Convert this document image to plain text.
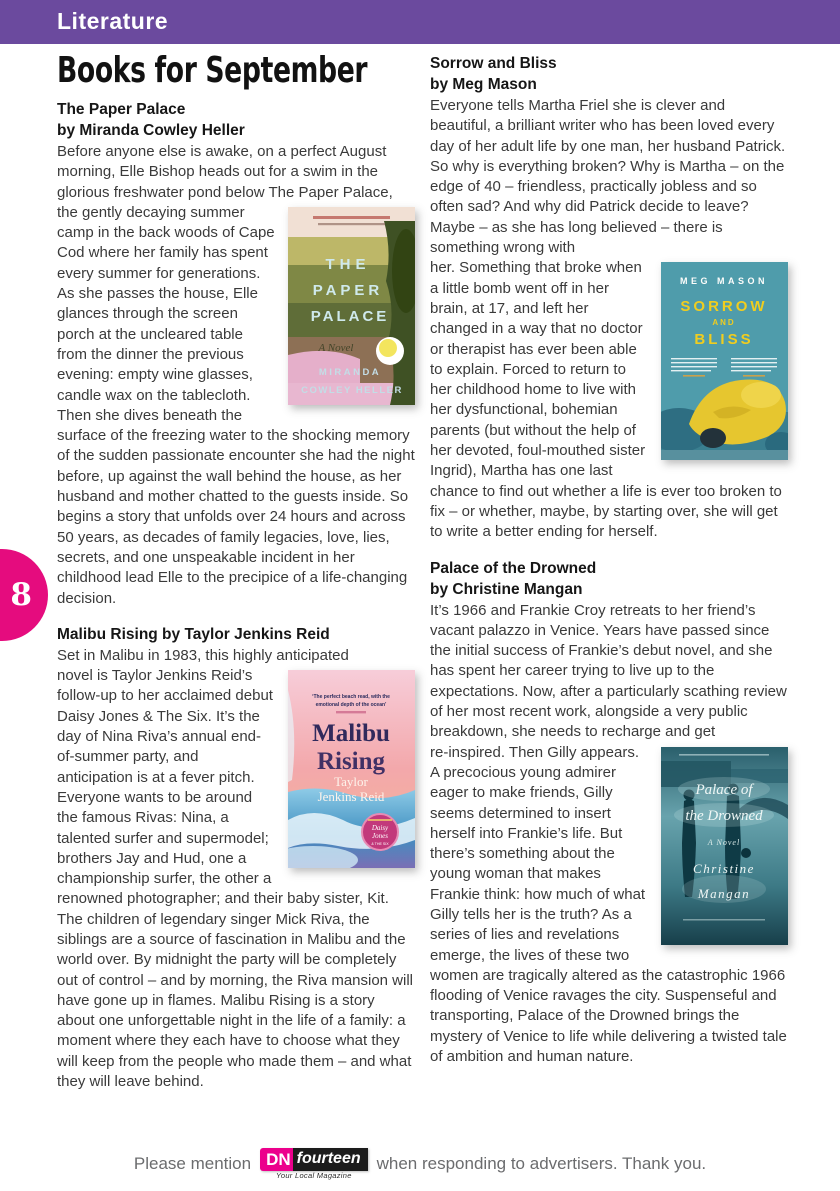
Literature
Books for September
The Paper Palace
by Miranda Cowley Heller

Before anyone else is awake, on a perfect August morning, Elle Bishop heads out for a swim in the glorious freshwater pond below The Paper Palace,

THE
PAPER
PALACE
A Novel
MIRANDA
COWLEY HELLER
the gently decaying summer camp in the back woods of Cape Cod where her family has spent every summer for generations. As she passes the house, Elle glances through the screen porch at the uncleared table from the dinner the previous evening: empty wine glasses, candle wax on the tablecloth. Then she dives beneath the surface of the freezing water to the shocking memory of the sudden passionate encounter she had the night before, up against the wall behind the house, as her husband and mother chatted to the guests inside. So begins a story that unfolds over 24 hours and across 50 years, as decades of family legacies, love, lies, secrets, and one unspeakable incident in her childhood lead Elle to the precipice of a life-changing decision.
Malibu Rising by Taylor Jenkins Reid

Set in Malibu in 1983, this highly anticipated

‘The perfect beach read, with the
emotional depth of the ocean’
Malibu
Rising
Taylor
Jenkins Reid
Daisy
Jones
& THE SIX
novel is Taylor Jenkins Reid’s follow-up to her acclaimed debut Daisy Jones & The Six. It’s the day of Nina Riva’s annual end-of-summer party, and anticipation is at a fever pitch. Everyone wants to be around the famous Rivas: Nina, a talented surfer and supermodel; brothers Jay and Hud, one a championship surfer, the other a renowned photographer; and their baby sister, Kit. The children of legendary singer Mick Riva, the siblings are a source of fascination in Malibu and the world over. By midnight the party will be completely out of control – and by morning, the Riva mansion will have gone up in flames. Malibu Rising is a story about one unforgettable night in the life of a family: a moment where they each have to choose what they will keep from the people who made them – and what they will leave behind.
Sorrow and Bliss
by Meg Mason

Everyone tells Martha Friel she is clever and beautiful, a brilliant writer who has been loved every day of her adult life by one man, her husband Patrick. So why is everything broken? Why is Martha – on the edge of 40 – friendless, practically jobless and so often sad? And why did Patrick decide to leave? Maybe – as she has long believed – there is something wrong with

MEG MASON
SORROW
AND
BLISS
her. Something that broke when a little bomb went off in her brain, at 17, and left her changed in a way that no doctor or therapist has ever been able to explain. Forced to return to her childhood home to live with her dysfunctional, bohemian parents (but without the help of her devoted, foul-mouthed sister Ingrid), Martha has one last chance to find out whether a life is ever too broken to fix – or whether, maybe, by starting over, she will get to write a better ending for herself.
Palace of the Drowned
by Christine Mangan

It’s 1966 and Frankie Croy retreats to her friend’s vacant palazzo in Venice. Years have passed since the initial success of Frankie’s debut novel, and she has spent her career trying to live up to the expectations. Now, after a particularly scathing review of her most recent work, alongside a very public breakdown, she needs to recharge and get

Palace of
the Drowned
A Novel
Christine
Mangan
re-inspired. Then Gilly appears. A precocious young admirer eager to make friends, Gilly seems determined to insert herself into Frankie’s life. But there’s something about the young woman that makes Frankie think: how much of what Gilly tells her is the truth? As a series of lies and revelations emerge, the lives of these two women are tragically altered as the catastrophic 1966 flooding of Venice ravages the city. Suspenseful and transporting, Palace of the Drowned brings the mystery of Venice to life while delivering a twisted tale of ambition and human nature.
8
Please mention DN fourteen
Your Local Magazine
when responding to advertisers. Thank you.
